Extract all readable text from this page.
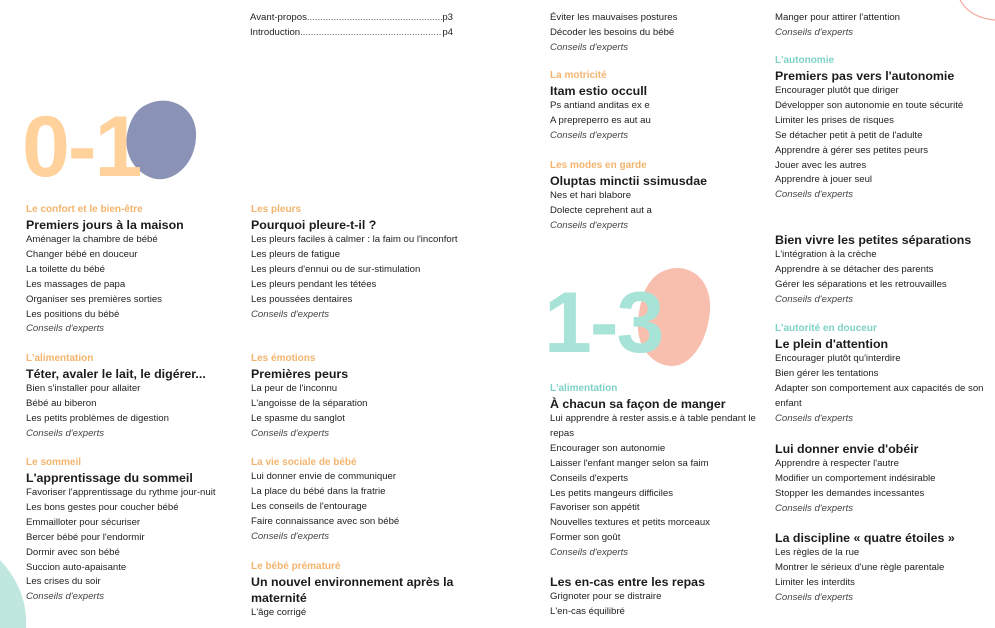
0-1
1-3
Avant-propos .....	p3
Introduction .....	p4
Le confort et le bien-être
Premiers jours à la maison
Aménager la chambre de bébé
Changer bébé en douceur
La toilette du bébé
Les massages de papa
Organiser ses premières sorties
Les positions du bébé
Conseils d'experts
L'alimentation
Téter, avaler le lait, le digérer...
Bien s'installer pour allaiter
Bébé au biberon
Les petits problèmes de digestion
Conseils d'experts
Le sommeil
L'apprentissage du sommeil
Favoriser l'apprentissage du rythme jour-nuit
Les bons gestes pour coucher bébé
Emmailloter pour sécuriser
Bercer bébé pour l'endormir
Dormir avec son bébé
Succion auto-apaisante
Les crises du soir
Conseils d'experts
Les pleurs
Pourquoi pleure-t-il ?
Les pleurs faciles à calmer : la faim ou l'inconfort
Les pleurs de fatigue
Les pleurs d'ennui ou de sur-stimulation
Les pleurs pendant les tétées
Les poussées dentaires
Conseils d'experts
Les émotions
Premières peurs
La peur de l'inconnu
L'angoisse de la séparation
Le spasme du sanglot
Conseils d'experts
La vie sociale de bébé
Lui donner envie de communiquer
La place du bébé dans la fratrie
Les conseils de l'entourage
Faire connaissance avec son bébé
Conseils d'experts
Le bébé prématuré
Un nouvel environnement après la maternité
L'âge corrigé
Éviter les mauvaises postures
Décoder les besoins du bébé
Conseils d'experts
La motricité
Itam estio occull
Ps antiand anditas ex e
A prepreperro es aut au
Conseils d'experts
Les modes en garde
Oluptas minctii ssimusdae
Nes et hari blabore
Dolecte ceprehent aut a
Conseils d'experts
L'alimentation
À chacun sa façon de manger
Lui apprendre à rester assis.e à table pendant le repas
Encourager son autonomie
Laisser l'enfant manger selon sa faim
Conseils d'experts
Les petits mangeurs difficiles
Favoriser son appétit
Nouvelles textures et petits morceaux
Former son goût
Conseils d'experts
Les en-cas entre les repas
Grignoter pour se distraire
L'en-cas équilibré
Manger pour attirer l'attention
Conseils d'experts
L'autonomie
Premiers pas vers l'autonomie
Encourager plutôt que diriger
Développer son autonomie en toute sécurité
Limiter les prises de risques
Se détacher petit à petit de l'adulte
Apprendre à gérer ses petites peurs
Jouer avec les autres
Apprendre à jouer seul
Conseils d'experts
Bien vivre les petites séparations
L'intégration à la crèche
Apprendre à se détacher des parents
Gérer les séparations et les retrouvailles
Conseils d'experts
L'autorité en douceur
Le plein d'attention
Encourager plutôt qu'interdire
Bien gérer les tentations
Adapter son comportement aux capacités de son enfant
Conseils d'experts
Lui donner envie d'obéir
Apprendre à respecter l'autre
Modifier un comportement indésirable
Stopper les demandes incessantes
Conseils d'experts
La discipline « quatre étoiles »
Les règles de la rue
Montrer le sérieux d'une règle parentale
Limiter les interdits
Conseils d'experts
